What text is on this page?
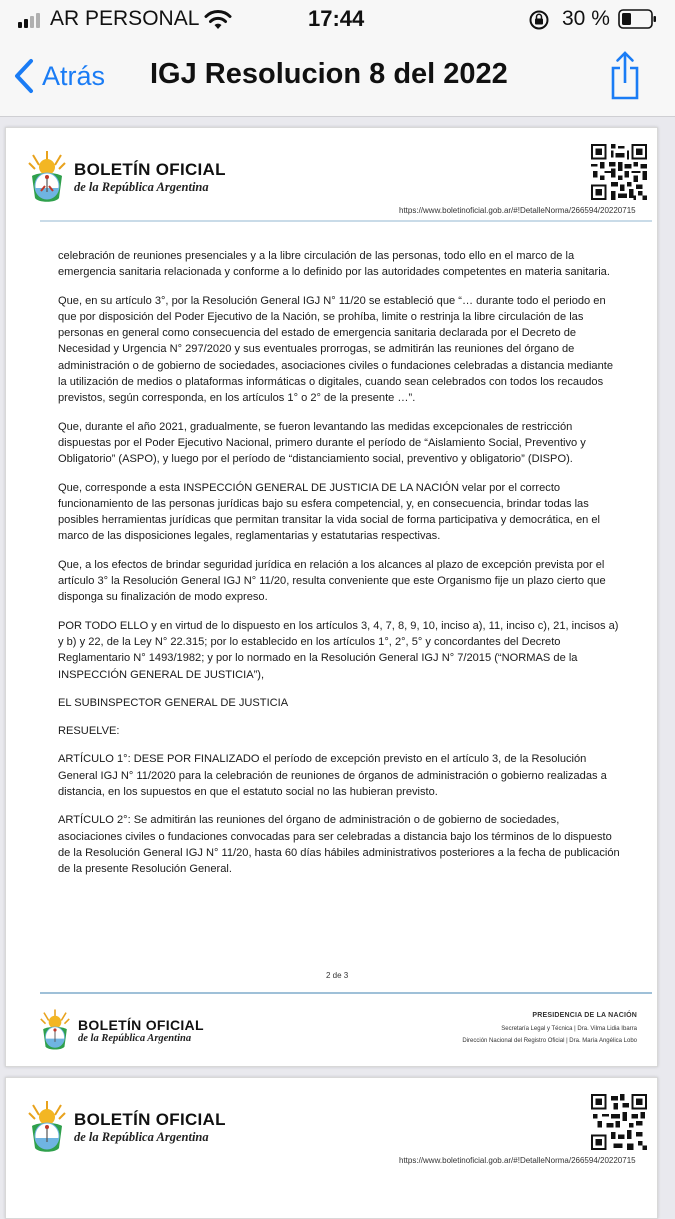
AR PERSONAL	17:44	30 %
Atrás IGJ Resolucion 8 del 2022
BOLETÍN OFICIAL
de la República Argentina
https://www.boletinoficial.gob.ar/#!DetalleNorma/266594/20220715

celebración de reuniones presenciales y a la libre circulación de las personas, todo ello en el marco de la emergencia sanitaria relacionada y conforme a lo definido por las autoridades competentes en materia sanitaria.

Que, en su artículo 3°, por la Resolución General IGJ N° 11/20 se estableció que “… durante todo el periodo en que por disposición del Poder Ejecutivo de la Nación, se prohíba, limite o restrinja la libre circulación de las personas en general como consecuencia del estado de emergencia sanitaria declarada por el Decreto de Necesidad y Urgencia N° 297/2020 y sus eventuales prorrogas, se admitirán las reuniones del órgano de administración o de gobierno de sociedades, asociaciones civiles o fundaciones celebradas a distancia mediante la utilización de medios o plataformas informáticas o digitales, cuando sean celebrados con todos los recaudos previstos, según corresponda, en los artículos 1° o 2° de la presente …”.

Que, durante el año 2021, gradualmente, se fueron levantando las medidas excepcionales de restricción dispuestas por el Poder Ejecutivo Nacional, primero durante el período de “Aislamiento Social, Preventivo y Obligatorio” (ASPO), y luego por el período de “distanciamiento social, preventivo y obligatorio” (DISPO).

Que, corresponde a esta INSPECCIÓN GENERAL DE JUSTICIA DE LA NACIÓN velar por el correcto funcionamiento de las personas jurídicas bajo su esfera competencial, y, en consecuencia, brindar todas las posibles herramientas jurídicas que permitan transitar la vida social de forma participativa y democrática, en el marco de las disposiciones legales, reglamentarias y estatutarias respectivas.

Que, a los efectos de brindar seguridad jurídica en relación a los alcances al plazo de excepción prevista por el artículo 3° la Resolución General IGJ N° 11/20, resulta conveniente que este Organismo fije un plazo cierto que disponga su finalización de modo expreso.

POR TODO ELLO y en virtud de lo dispuesto en los artículos 3, 4, 7, 8, 9, 10, inciso a), 11, inciso c), 21, incisos a) y b) y 22, de la Ley N° 22.315; por lo establecido en los artículos 1°, 2°, 5° y concordantes del Decreto Reglamentario N° 1493/1982; y por lo normado en la Resolución General IGJ N° 7/2015 (“NORMAS de la INSPECCIÓN GENERAL DE JUSTICIA”),

EL SUBINSPECTOR GENERAL DE JUSTICIA

RESUELVE:

ARTÍCULO 1°: DESE POR FINALIZADO el período de excepción previsto en el artículo 3, de la Resolución General IGJ N° 11/2020 para la celebración de reuniones de órganos de administración o gobierno realizadas a distancia, en los supuestos en que el estatuto social no las hubieran previsto.

ARTÍCULO 2°: Se admitirán las reuniones del órgano de administración o de gobierno de sociedades, asociaciones civiles o fundaciones convocadas para ser celebradas a distancia bajo los términos de lo dispuesto de la Resolución General IGJ N° 11/20, hasta 60 días hábiles administrativos posteriores a la fecha de publicación de la presente Resolución General.

2 de 3
BOLETÍN OFICIAL
de la República Argentina
PRESIDENCIA DE LA NACIÓN
Secretaría Legal y Técnica | Dra. Vilma Lidia Ibarra
Dirección Nacional del Registro Oficial | Dra. María Angélica Lobo
BOLETÍN OFICIAL
de la República Argentina
https://www.boletinoficial.gob.ar/#!DetalleNorma/266594/20220715
